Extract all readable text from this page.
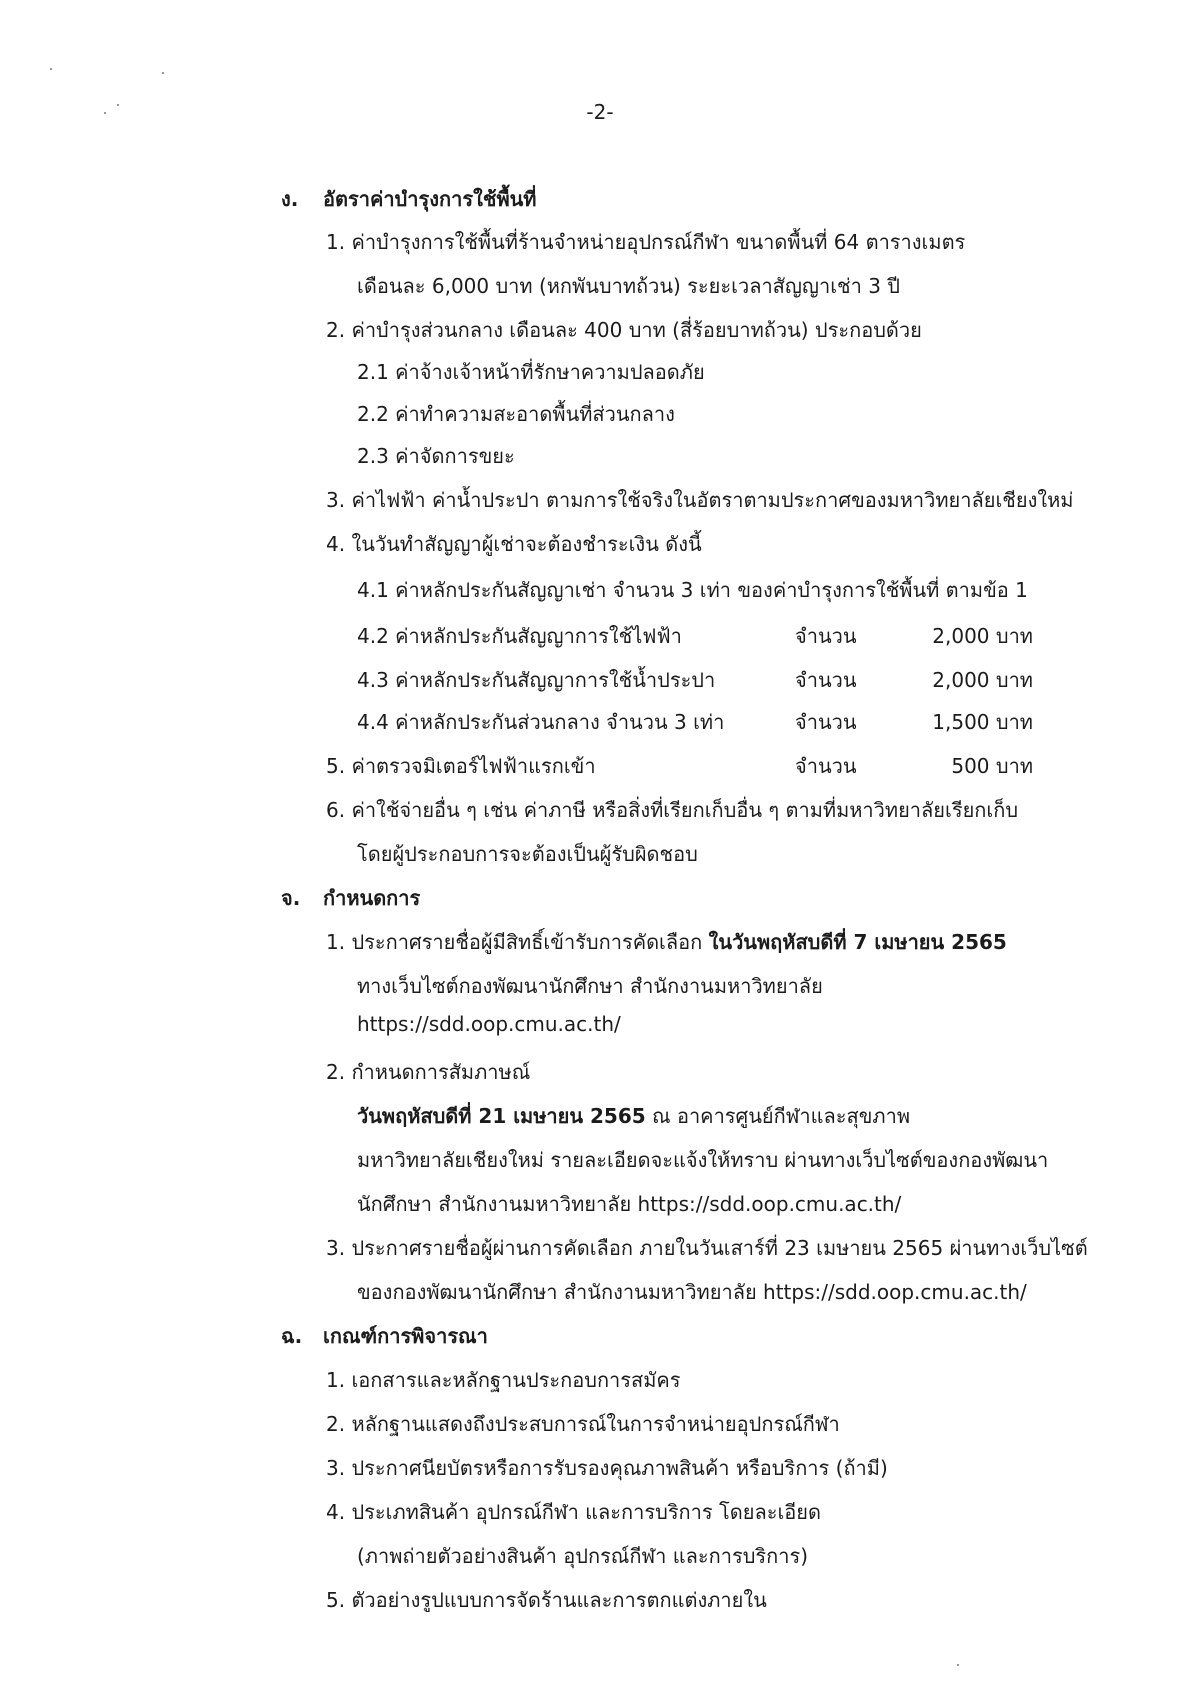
-2-
ง. อัตราค่าบำรุงการใช้พื้นที่
1. ค่าบำรุงการใช้พื้นที่ร้านจำหน่ายอุปกรณ์กีฬา ขนาดพื้นที่ 64 ตารางเมตร
เดือนละ 6,000 บาท (หกพันบาทถ้วน) ระยะเวลาสัญญาเช่า 3 ปี
2. ค่าบำรุงส่วนกลาง เดือนละ 400 บาท (สี่ร้อยบาทถ้วน) ประกอบด้วย
2.1 ค่าจ้างเจ้าหน้าที่รักษาความปลอดภัย
2.2 ค่าทำความสะอาดพื้นที่ส่วนกลาง
2.3 ค่าจัดการขยะ
3. ค่าไฟฟ้า ค่าน้ำประปา ตามการใช้จริงในอัตราตามประกาศของมหาวิทยาลัยเชียงใหม่
4. ในวันทำสัญญาผู้เช่าจะต้องชำระเงิน ดังนี้
4.1 ค่าหลักประกันสัญญาเช่า จำนวน 3 เท่า ของค่าบำรุงการใช้พื้นที่ ตามข้อ 1
4.2 ค่าหลักประกันสัญญาการใช้ไฟฟ้า	จำนวน	2,000 บาท
4.3 ค่าหลักประกันสัญญาการใช้น้ำประปา	จำนวน	2,000 บาท
4.4 ค่าหลักประกันส่วนกลาง จำนวน 3 เท่า	จำนวน	1,500 บาท
5. ค่าตรวจมิเตอร์ไฟฟ้าแรกเข้า	จำนวน	500 บาท
6. ค่าใช้จ่ายอื่น ๆ เช่น ค่าภาษี หรือสิ่งที่เรียกเก็บอื่น ๆ ตามที่มหาวิทยาลัยเรียกเก็บ
โดยผู้ประกอบการจะต้องเป็นผู้รับผิดชอบ
จ. กำหนดการ
1. ประกาศรายชื่อผู้มีสิทธิ์เข้ารับการคัดเลือก ในวันพฤหัสบดีที่ 7 เมษายน 2565
ทางเว็บไซต์กองพัฒนานักศึกษา สำนักงานมหาวิทยาลัย
https://sdd.oop.cmu.ac.th/
2. กำหนดการสัมภาษณ์
วันพฤหัสบดีที่ 21 เมษายน 2565 ณ อาคารศูนย์กีฬาและสุขภาพ
มหาวิทยาลัยเชียงใหม่ รายละเอียดจะแจ้งให้ทราบ ผ่านทางเว็บไซต์ของกองพัฒนา
นักศึกษา สำนักงานมหาวิทยาลัย https://sdd.oop.cmu.ac.th/
3. ประกาศรายชื่อผู้ผ่านการคัดเลือก ภายในวันเสาร์ที่ 23 เมษายน 2565 ผ่านทางเว็บไซต์
ของกองพัฒนานักศึกษา สำนักงานมหาวิทยาลัย https://sdd.oop.cmu.ac.th/
ฉ. เกณฑ์การพิจารณา
1. เอกสารและหลักฐานประกอบการสมัคร
2. หลักฐานแสดงถึงประสบการณ์ในการจำหน่ายอุปกรณ์กีฬา
3. ประกาศนียบัตรหรือการรับรองคุณภาพสินค้า หรือบริการ (ถ้ามี)
4. ประเภทสินค้า อุปกรณ์กีฬา และการบริการ โดยละเอียด
(ภาพถ่ายตัวอย่างสินค้า อุปกรณ์กีฬา และการบริการ)
5. ตัวอย่างรูปแบบการจัดร้านและการตกแต่งภายใน
